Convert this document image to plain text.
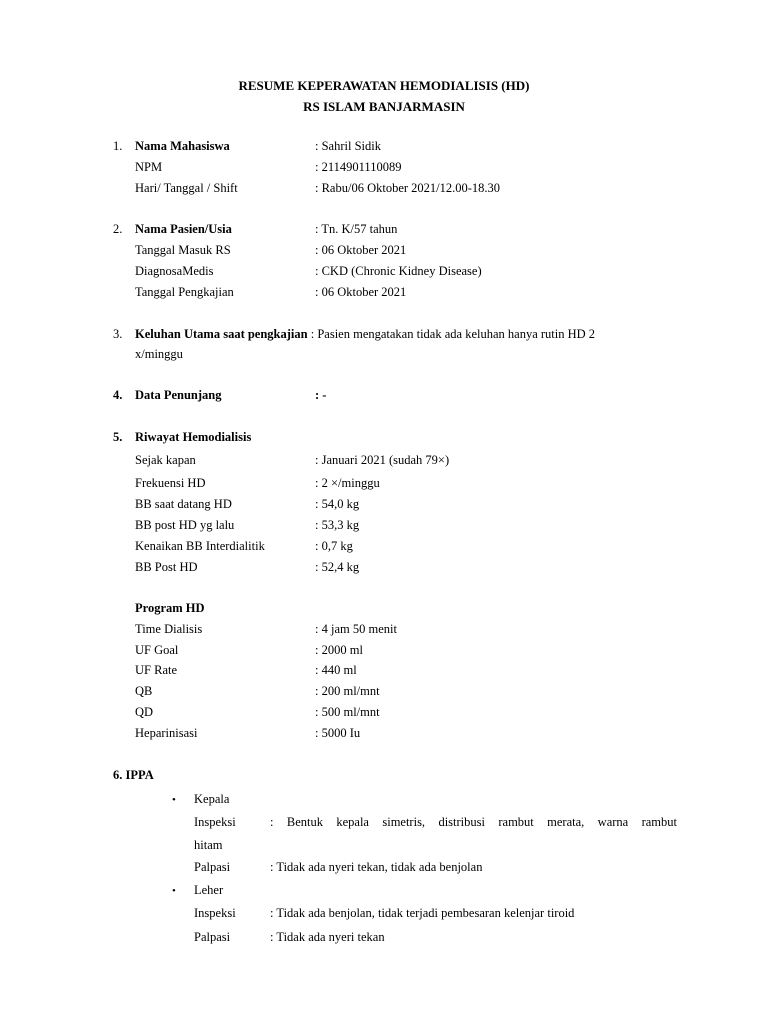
RESUME KEPERAWATAN HEMODIALISIS (HD)
RS ISLAM BANJARMASIN
1. Nama Mahasiswa	: Sahril Sidik
NPM	: 2114901110089
Hari/ Tanggal / Shift	: Rabu/06 Oktober 2021/12.00-18.30
2. Nama Pasien/Usia	: Tn. K/57 tahun
Tanggal Masuk RS	: 06 Oktober 2021
DiagnosaMedis	: CKD (Chronic Kidney Disease)
Tanggal Pengkajian	: 06 Oktober 2021
3. Keluhan Utama saat pengkajian : Pasien mengatakan tidak ada keluhan hanya rutin HD 2
x/minggu
4. Data Penunjang	: -
5. Riwayat Hemodialisis
Sejak kapan	: Januari 2021 (sudah 79×)
Frekuensi HD	: 2 ×/minggu
BB saat datang HD	: 54,0 kg
BB post HD yg lalu	: 53,3 kg
Kenaikan BB Interdialitik	: 0,7 kg
BB Post HD	: 52,4 kg
Program HD
Time Dialisis	: 4 jam 50 menit
UF Goal	: 2000 ml
UF Rate	: 440 ml
QB	: 200 ml/mnt
QD	: 500 ml/mnt
Heparinisasi	: 5000 Iu
6. IPPA
• Kepala
Inspeksi	: Bentuk kepala simetris, distribusi rambut merata, warna rambut
hitam
Palpasi	: Tidak ada nyeri tekan, tidak ada benjolan
• Leher
Inspeksi	: Tidak ada benjolan, tidak terjadi pembesaran kelenjar tiroid
Palpasi	: Tidak ada nyeri tekan
